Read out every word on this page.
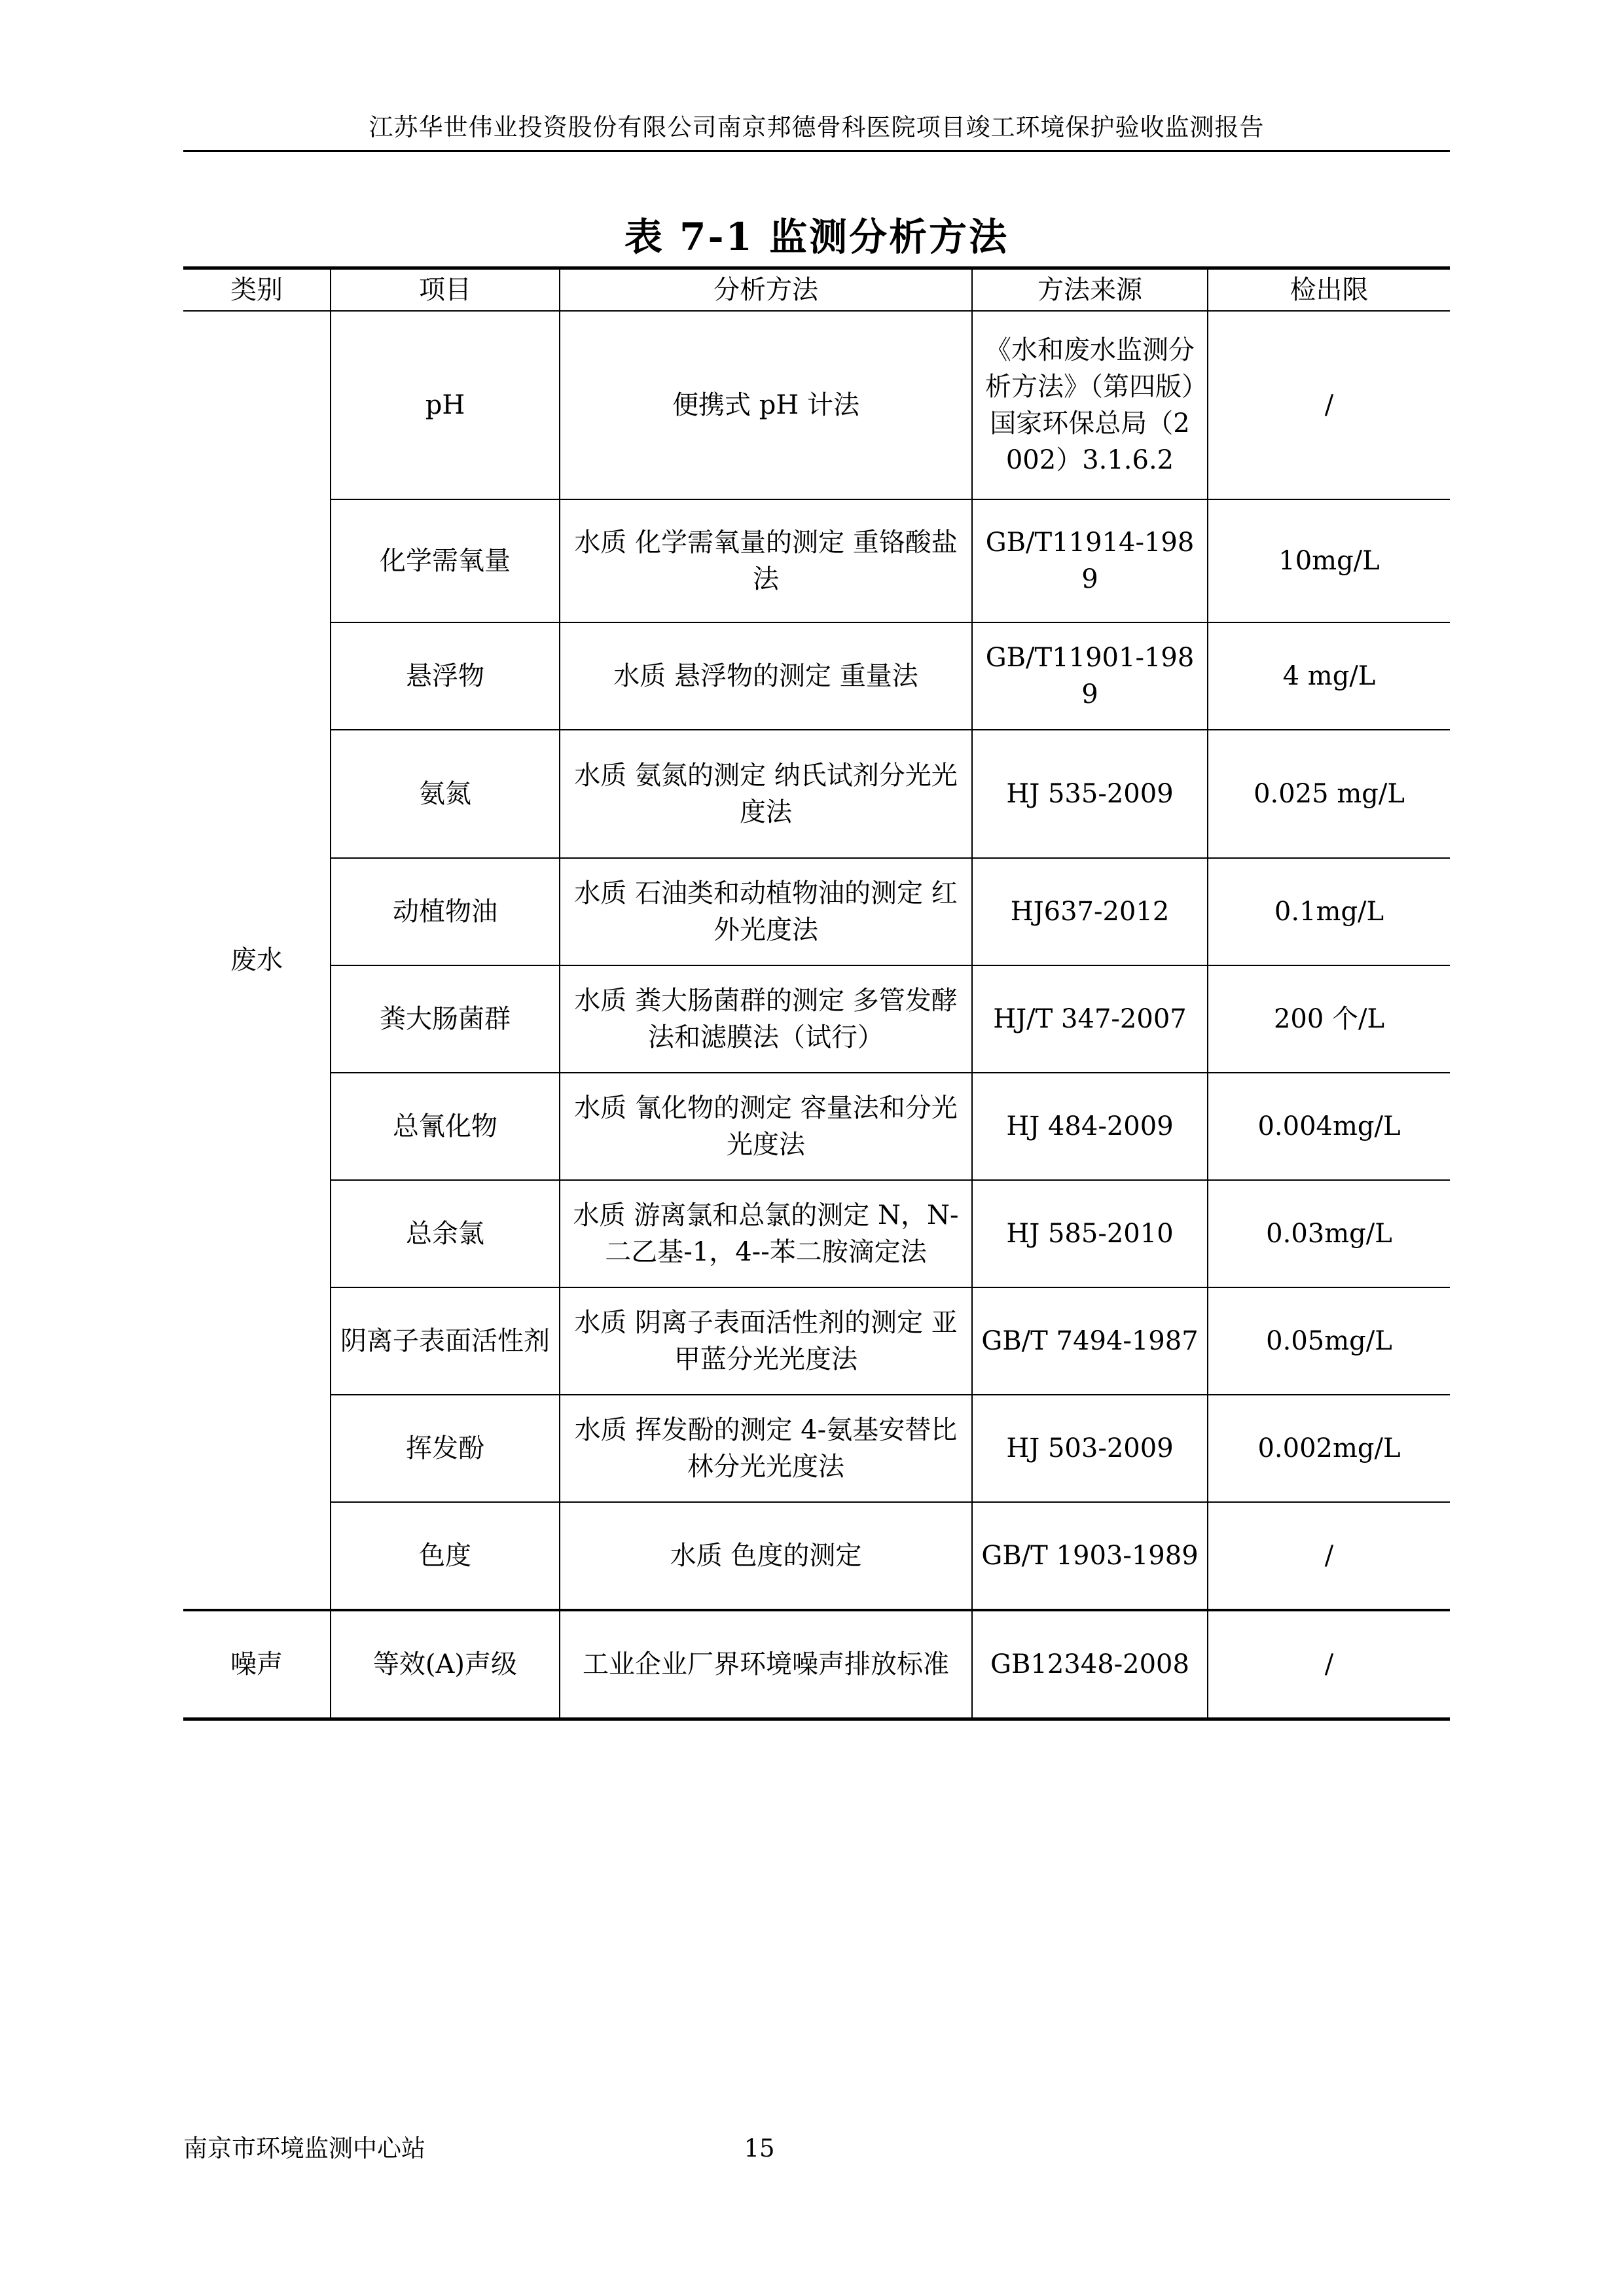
江苏华世伟业投资股份有限公司南京邦德骨科医院项目竣工环境保护验收监测报告
表 7-1 监测分析方法
类别	项目	分析方法	方法来源	检出限
废水	pH	便携式 pH 计法	《水和废水监测分析方法》（第四版）国家环保总局（2002）3.1.6.2	/
	化学需氧量	水质 化学需氧量的测定 重铬酸盐法	GB/T11914-1989	10mg/L
	悬浮物	水质 悬浮物的测定 重量法	GB/T11901-1989	4 mg/L
	氨氮	水质 氨氮的测定 纳氏试剂分光光度法	HJ 535-2009	0.025 mg/L
	动植物油	水质 石油类和动植物油的测定 红外光度法	HJ637-2012	0.1mg/L
	粪大肠菌群	水质 粪大肠菌群的测定 多管发酵法和滤膜法（试行）	HJ/T 347-2007	200 个/L
	总氰化物	水质 氰化物的测定 容量法和分光光度法	HJ 484-2009	0.004mg/L
	总余氯	水质 游离氯和总氯的测定 N，N-二乙基-1，4--苯二胺滴定法	HJ 585-2010	0.03mg/L
	阴离子表面活性剂	水质 阴离子表面活性剂的测定 亚甲蓝分光光度法	GB/T 7494-1987	0.05mg/L
	挥发酚	水质 挥发酚的测定 4-氨基安替比林分光光度法	HJ 503-2009	0.002mg/L
	色度	水质 色度的测定	GB/T 1903-1989	/
噪声	等效(A)声级	工业企业厂界环境噪声排放标准	GB12348-2008	/
南京市环境监测中心站	15
